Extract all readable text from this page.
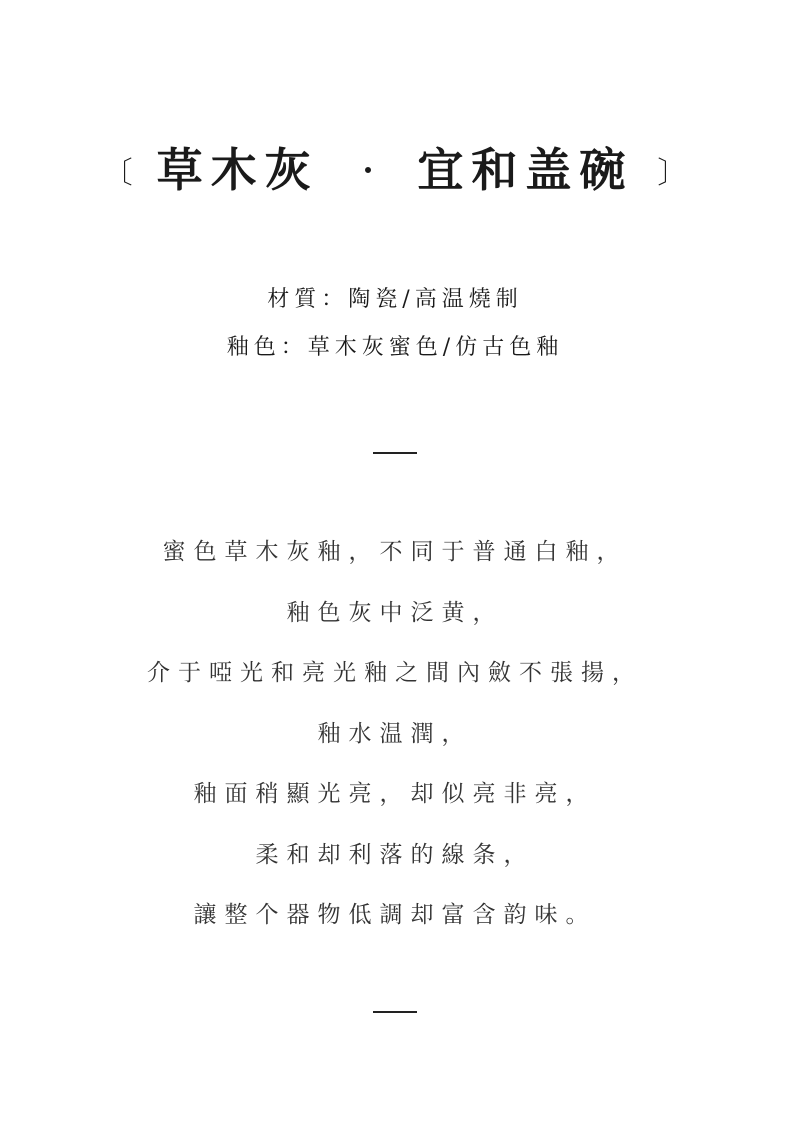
〔 草木灰 · 宜和盖碗 〕
材質：陶瓷/高温燒制
釉色：草木灰蜜色/仿古色釉
蜜色草木灰釉，不同于普通白釉，
釉色灰中泛黄，
介于啞光和亮光釉之間內斂不張揚，
釉水温潤，
釉面稍顯光亮，却似亮非亮，
柔和却利落的線条，
讓整个器物低調却富含韵味。
